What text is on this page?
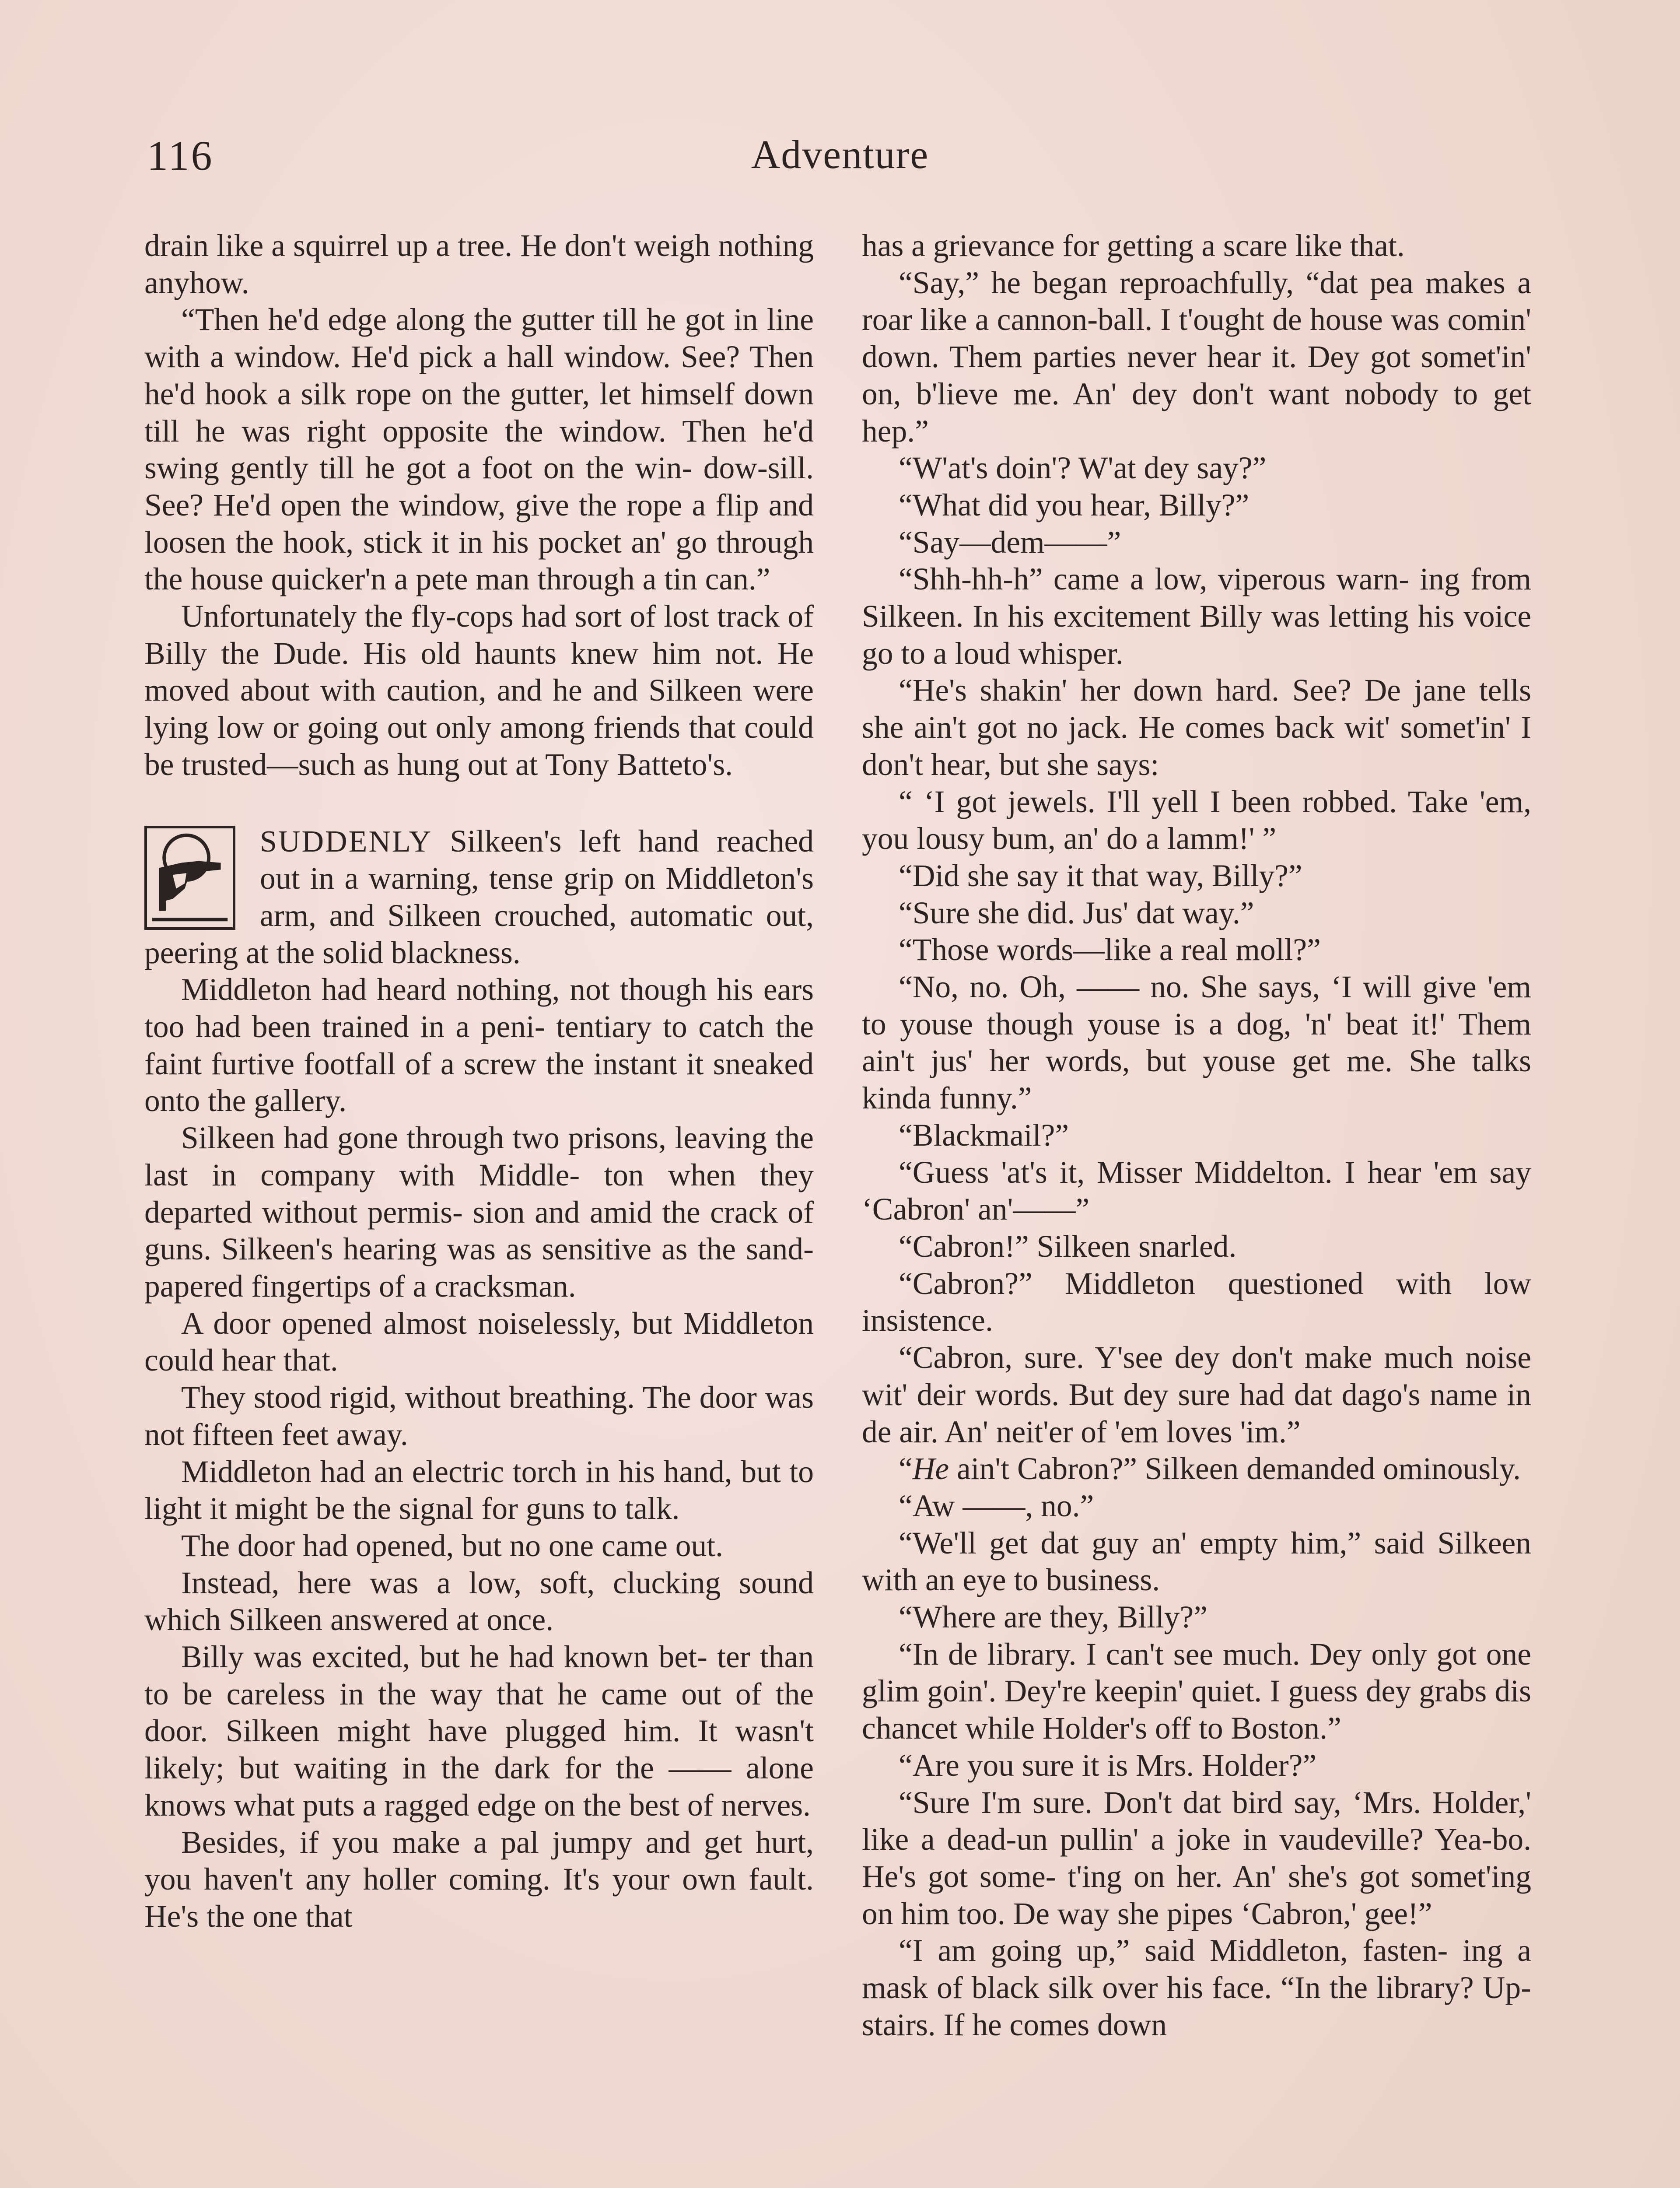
116	Adventure

drain like a squirrel up a tree. He don't weigh nothing anyhow.

“Then he'd edge along the gutter till he got in line with a window. He'd pick a hall window. See? Then he'd hook a silk rope on the gutter, let himself down till he was right opposite the window. Then he'd swing gently till he got a foot on the win- dow-sill. See? He'd open the window, give the rope a flip and loosen the hook, stick it in his pocket an' go through the house quicker'n a pete man through a tin can.”

Unfortunately the fly-cops had sort of lost track of Billy the Dude. His old haunts knew him not. He moved about with caution, and he and Silkeen were lying low or going out only among friends that could be trusted—such as hung out at Tony Batteto's.

SUDDENLY Silkeen's left hand reached out in a warning, tense grip on Middleton's arm, and Silkeen crouched, automatic out, peering at the solid blackness.

Middleton had heard nothing, not though his ears too had been trained in a peni- tentiary to catch the faint furtive footfall of a screw the instant it sneaked onto the gallery.

Silkeen had gone through two prisons, leaving the last in company with Middle- ton when they departed without permis- sion and amid the crack of guns. Silkeen's hearing was as sensitive as the sand-papered fingertips of a cracksman.

A door opened almost noiselessly, but Middleton could hear that.

They stood rigid, without breathing. The door was not fifteen feet away.

Middleton had an electric torch in his hand, but to light it might be the signal for guns to talk.

The door had opened, but no one came out.

Instead, here was a low, soft, clucking sound which Silkeen answered at once.

Billy was excited, but he had known bet- ter than to be careless in the way that he came out of the door. Silkeen might have plugged him. It wasn't likely; but waiting in the dark for the —— alone knows what puts a ragged edge on the best of nerves.

Besides, if you make a pal jumpy and get hurt, you haven't any holler coming. It's your own fault. He's the one that

has a grievance for getting a scare like that.

“Say,” he began reproachfully, “dat pea makes a roar like a cannon-ball. I t'ought de house was comin' down. Them parties never hear it. Dey got somet'in' on, b'lieve me. An' dey don't want nobody to get hep.”

“W'at's doin'? W'at dey say?”

“What did you hear, Billy?”

“Say—dem——”

“Shh-hh-h” came a low, viperous warn- ing from Silkeen. In his excitement Billy was letting his voice go to a loud whisper.

“He's shakin' her down hard. See? De jane tells she ain't got no jack. He comes back wit' somet'in' I don't hear, but she says:

“ ‘I got jewels. I'll yell I been robbed. Take 'em, you lousy bum, an' do a lamm!' ”

“Did she say it that way, Billy?”

“Sure she did. Jus' dat way.”

“Those words—like a real moll?”

“No, no. Oh, —— no. She says, ‘I will give 'em to youse though youse is a dog, 'n' beat it!' Them ain't jus' her words, but youse get me. She talks kinda funny.”

“Blackmail?”

“Guess 'at's it, Misser Middelton. I hear 'em say ‘Cabron' an'——”

“Cabron!” Silkeen snarled.

“Cabron?” Middleton questioned with low insistence.

“Cabron, sure. Y'see dey don't make much noise wit' deir words. But dey sure had dat dago's name in de air. An' neit'er of 'em loves 'im.”

“He ain't Cabron?” Silkeen demanded ominously.

“Aw ——, no.”

“We'll get dat guy an' empty him,” said Silkeen with an eye to business.

“Where are they, Billy?”

“In de library. I can't see much. Dey only got one glim goin'. Dey're keepin' quiet. I guess dey grabs dis chancet while Holder's off to Boston.”

“Are you sure it is Mrs. Holder?”

“Sure I'm sure. Don't dat bird say, ‘Mrs. Holder,' like a dead-un pullin' a joke in vaudeville? Yea-bo. He's got some- t'ing on her. An' she's got somet'ing on him too. De way she pipes ‘Cabron,' gee!”

“I am going up,” said Middleton, fasten- ing a mask of black silk over his face. “In the library? Up-stairs. If he comes down
